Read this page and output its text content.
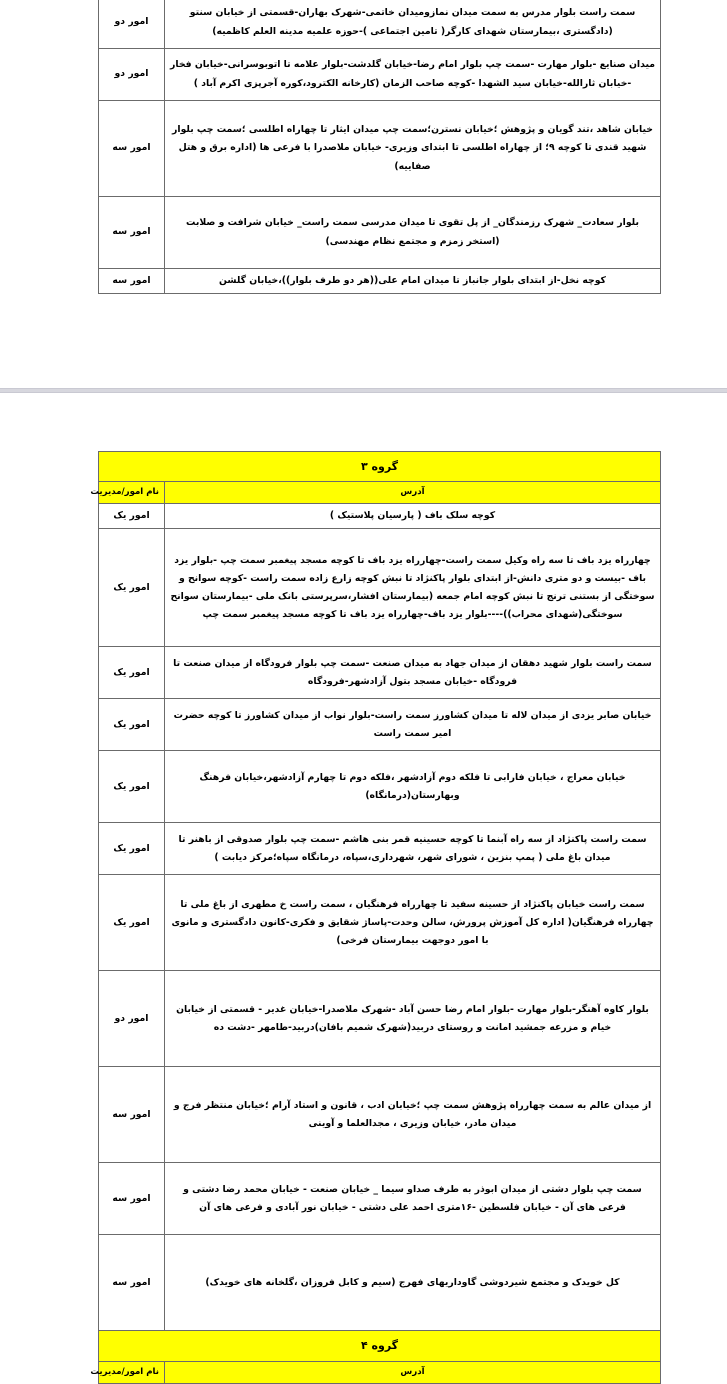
سمت راست بلوار مدرس به سمت میدان نمازومیدان خاتمی-شهرک بهاران-قسمتی از خیابان سنتو (دادگستری ،بیمارستان شهدای کارگر( تامین اجتماعی )-حوزه علمیه مدینه العلم کاظمیه)	امور دو
میدان صنایع -بلوار مهارت -سمت چپ بلوار امام رضا-خیابان گلدشت-بلوار علامه تا اتوبوسرانی-خیابان فخار -خیابان ثارالله-خیابان سید الشهدا -کوچه صاحب الزمان (کارخانه الکترود،کوره آجرپزی اکرم آباد )	امور دو
خیابان شاهد ،تند گویان و پژوهش ؛خیابان نسترن؛سمت چپ میدان ایثار تا چهاراه اطلسی ؛سمت چپ بلوار شهید قندی تا کوچه ۹؛ از چهاراه اطلسی تا ابتدای وزیری- خیابان ملاصدرا با فرعی ها (اداره برق و هتل صفاییه)	امور سه
بلوار سعادت_ شهرک رزمندگان_ از پل تقوی تا میدان مدرسی سمت راست_ خیابان شرافت و صلابت (استخر زمزم و مجتمع نظام مهندسی)	امور سه
کوچه نخل-از ابتدای بلوار جانباز تا میدان امام علی((هر دو طرف بلوار))،خیابان گلشن	امور سه
گروه ۳	
آدرس	نام امور/مدیریت
کوچه سلک باف ( پارسیان پلاستیک )	امور یک
چهارراه یزد باف تا سه راه وکیل سمت راست-چهارراه یزد باف تا کوچه مسجد پیغمبر سمت چپ -بلوار یزد باف -بیست و دو متری دانش-از ابتدای بلوار پاکنژاد تا نبش کوچه زارع زاده سمت راست -کوچه سوانح و سوختگی از بستنی ترنج تا نبش کوچه امام جمعه (بیمارستان افشار،سرپرستی بانک ملی -بیمارستان سوانح سوختگی(شهدای محراب))----بلوار یزد باف-چهارراه یزد باف تا کوچه مسجد پیغمبر سمت چپ	امور یک
سمت راست بلوار شهید دهقان از میدان جهاد به میدان صنعت -سمت چپ بلوار فرودگاه از میدان صنعت تا فرودگاه -خیابان مسجد بتول آزادشهر-فرودگاه	امور یک
خیابان صابر یزدی از میدان لاله تا میدان کشاورز سمت راست-بلوار نواب از میدان کشاورز تا کوچه حضرت امیر سمت راست	امور یک
خیابان معراج ، خیابان فارابی تا فلکه دوم آزادشهر ،فلکه دوم تا چهارم آزادشهر،خیابان فرهنگ وبهارستان(درمانگاه)	امور یک
سمت راست پاکنژاد از سه راه آبنما تا کوچه حسینیه قمر بنی هاشم -سمت چپ بلوار صدوقی از باهنر تا میدان باغ ملی ( پمپ بنزین ، شورای شهر، شهرداری،سپاه، درمانگاه سپاه؛مرکز دیابت )	امور یک
سمت راست خیابان پاکنژاد از حسینه سفید تا چهارراه فرهنگیان ، سمت راست خ مطهری از باغ ملی تا چهارراه فرهنگیان( اداره کل آموزش پرورش، سالن وحدت-پاساژ شقایق و فکری-کانون دادگستری و مانوی با امور دوجهت بیمارستان فرخی)	امور یک
بلوار کاوه آهنگر-بلوار مهارت -بلوار امام رضا حسن آباد -شهرک ملاصدرا-خیابان غدیر - قسمتی از خیابان خیام و مزرعه جمشید امانت و روستای دربید(شهرک شمیم بافان)دربید-طامهر -دشت ده	امور دو
از میدان عالم به سمت چهارراه پژوهش سمت چپ ؛خیابان ادب ، قانون و استاد آرام ؛خیابان منتظر فرج و میدان مادر، خیابان وزیری ، مجدالعلما و آوینی	امور سه
سمت چپ بلوار دشتی از میدان ابوذر به طرف صداو سیما _ خیابان صنعت - خیابان محمد رضا دشتی و فرعی های آن - خیابان فلسطین -۱۶متری احمد علی دشتی - خیابان نور آبادی و فرعی های آن	امور سه
کل خویدک و مجتمع شیردوشی گاوداریهای فهرج (سیم و کابل فروزان ،گلخانه های خویدک)	امور سه
گروه ۴	
آدرس	نام امور/مدیریت
